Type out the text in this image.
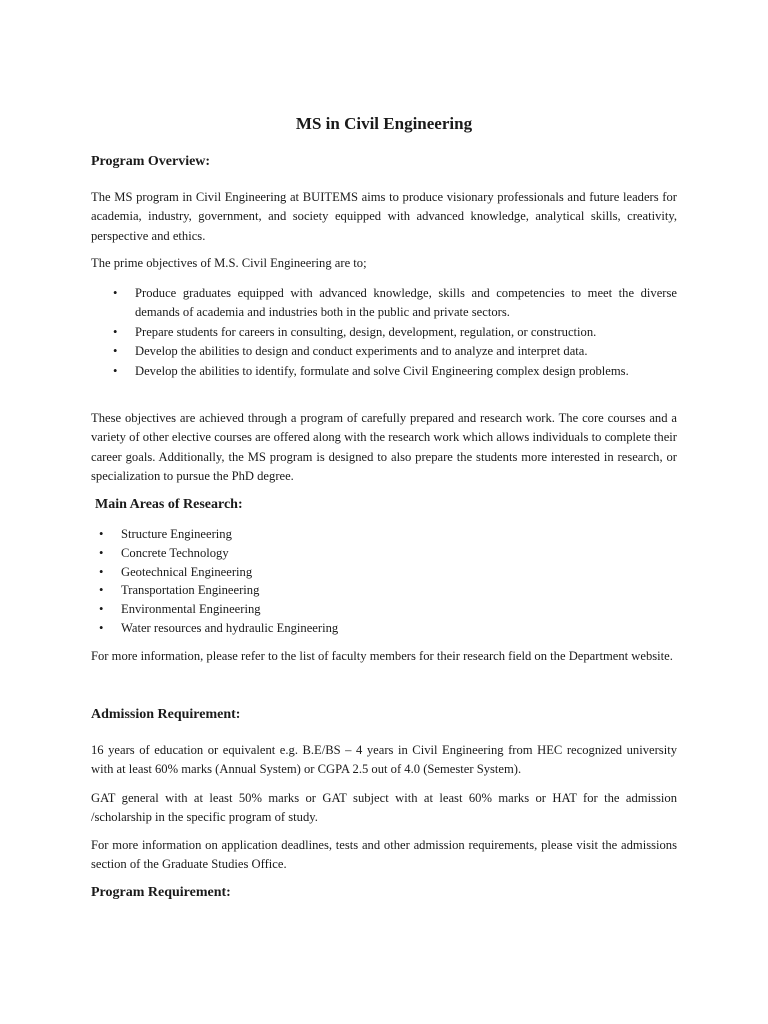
MS in Civil Engineering
Program Overview:

The MS program in Civil Engineering at BUITEMS aims to produce visionary professionals and future leaders for academia, industry, government, and society equipped with advanced knowledge, analytical skills, creativity, perspective and ethics.

The prime objectives of M.S. Civil Engineering are to;

• Produce graduates equipped with advanced knowledge, skills and competencies to meet the diverse demands of academia and industries both in the public and private sectors.
• Prepare students for careers in consulting, design, development, regulation, or construction.
• Develop the abilities to design and conduct experiments and to analyze and interpret data.
• Develop the abilities to identify, formulate and solve Civil Engineering complex design problems.

These objectives are achieved through a program of carefully prepared and research work. The core courses and a variety of other elective courses are offered along with the research work which allows individuals to complete their career goals. Additionally, the MS program is designed to also prepare the students more interested in research, or specialization to pursue the PhD degree.

Main Areas of Research:
• Structure Engineering
• Concrete Technology
• Geotechnical Engineering
• Transportation Engineering
• Environmental Engineering
• Water resources and hydraulic Engineering

For more information, please refer to the list of faculty members for their research field on the Department website.

Admission Requirement:

16 years of education or equivalent e.g. B.E/BS – 4 years in Civil Engineering from HEC recognized university with at least 60% marks (Annual System) or CGPA 2.5 out of 4.0 (Semester System).

GAT general with at least 50% marks or GAT subject with at least 60% marks or HAT for the admission /scholarship in the specific program of study.

For more information on application deadlines, tests and other admission requirements, please visit the admissions section of the Graduate Studies Office.

Program Requirement:
